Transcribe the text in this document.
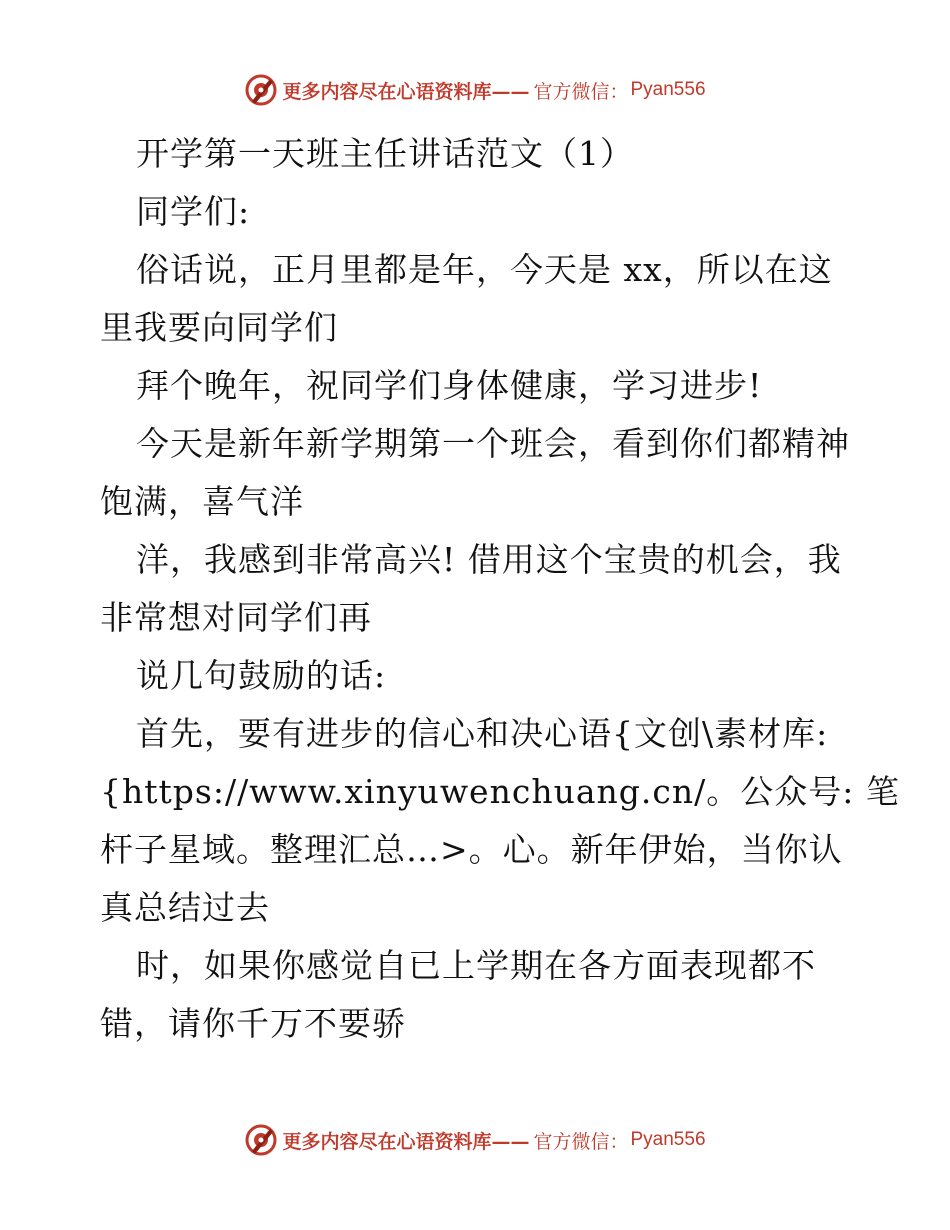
更多内容尽在心语资料库—— 官方微信： Pyan556
开学第一天班主任讲话范文（1）
同学们:
俗话说，正月里都是年，今天是 xx，所以在这
里我要向同学们
拜个晚年，祝同学们身体健康，学习进步!
今天是新年新学期第一个班会，看到你们都精神
饱满，喜气洋
洋，我感到非常高兴! 借用这个宝贵的机会，我
非常想对同学们再
说几句鼓励的话:
首先，要有进步的信心和决心语{文创\素材库:
{https://www.xinyuwenchuang.cn/。公众号: 笔
杆子星域。整理汇总…>。心。新年伊始，当你认
真总结过去
时，如果你感觉自已上学期在各方面表现都不
错，请你千万不要骄
更多内容尽在心语资料库—— 官方微信： Pyan556
